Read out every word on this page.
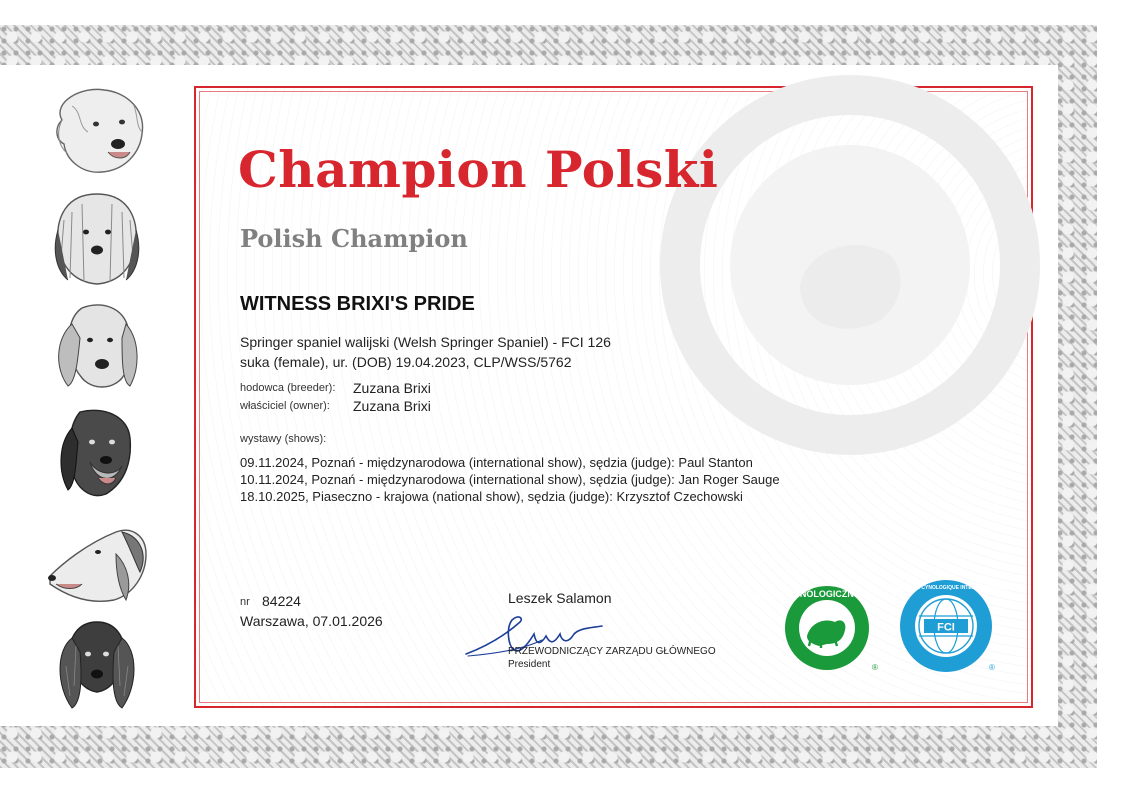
Champion Polski
Polish Champion
WITNESS BRIXI'S PRIDE
Springer spaniel walijski (Welsh Springer Spaniel) - FCI 126
suka (female), ur. (DOB) 19.04.2023, CLP/WSS/5762
hodowca (breeder): Zuzana Brixi
właściciel (owner): Zuzana Brixi
wystawy (shows):
09.11.2024, Poznań - międzynarodowa (international show), sędzia (judge): Paul Stanton
10.11.2024, Poznań - międzynarodowa (international show), sędzia (judge): Jan Roger Sauge
18.10.2025, Piaseczno - krajowa (national show), sędzia (judge): Krzysztof Czechowski
nr 84224
Warszawa, 07.01.2026
Leszek Salamon
PRZEWODNICZĄCY ZARZĄDU GŁÓWNEGO
President
ZWIĄZEK KYNOLOGICZNY W POLSCE
®
FCI
FEDERATION CYNOLOGIQUE INTERNATIONALE
®
